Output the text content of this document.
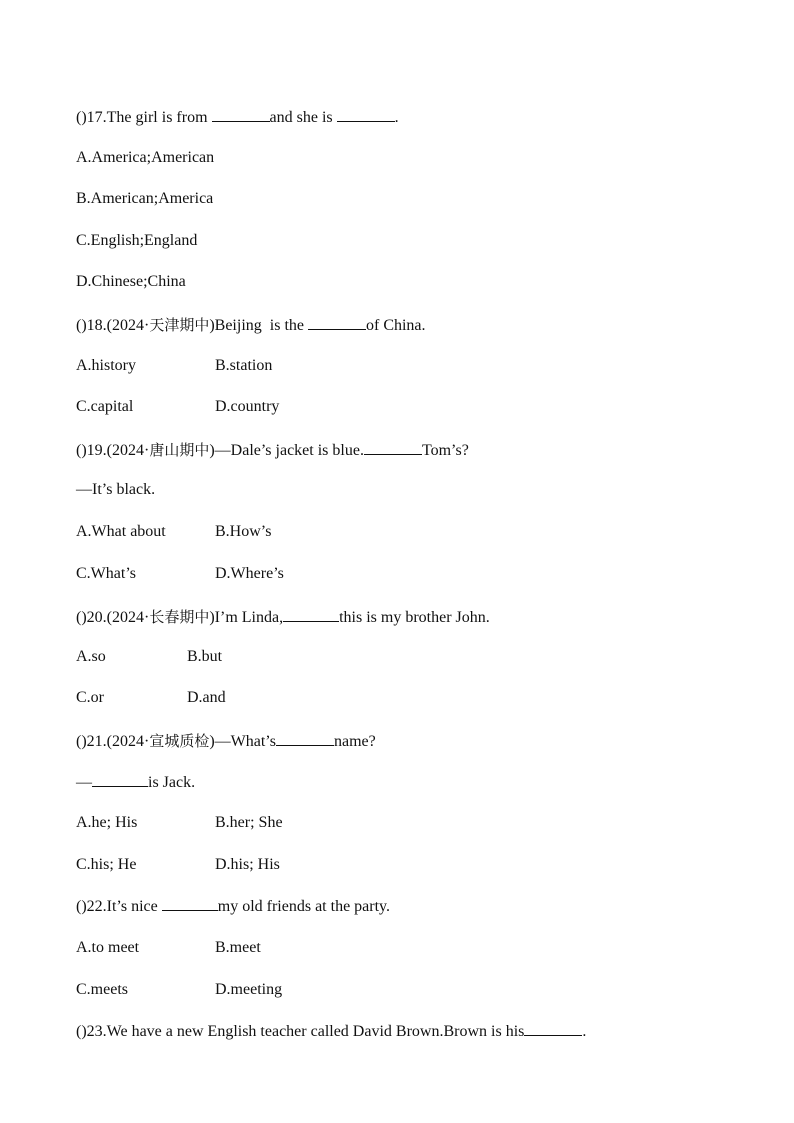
()17.The girl is from	and she is	.
A.America;American
B.American;America
C.English;England
D.Chinese;China
()18.(2024·天津期中)Beijing  is the	of China.
A.history	B.station
C.capital	D.country
()19.(2024·唐山期中)—Dale’s jacket is blue.	Tom’s?
—It’s black.
A.What about	B.How’s
C.What’s	D.Where’s
()20.(2024·长春期中)I’m Linda,	this is my brother John.
A.so	B.but
C.or	D.and
()21.(2024·宣城质检)—What’s	name?
—	is Jack.
A.he; His	B.her; She
C.his; He	D.his; His
()22.It’s nice	my old friends at the party.
A.to meet	B.meet
C.meets	D.meeting
()23.We have a new English teacher called David Brown.Brown is his	.
